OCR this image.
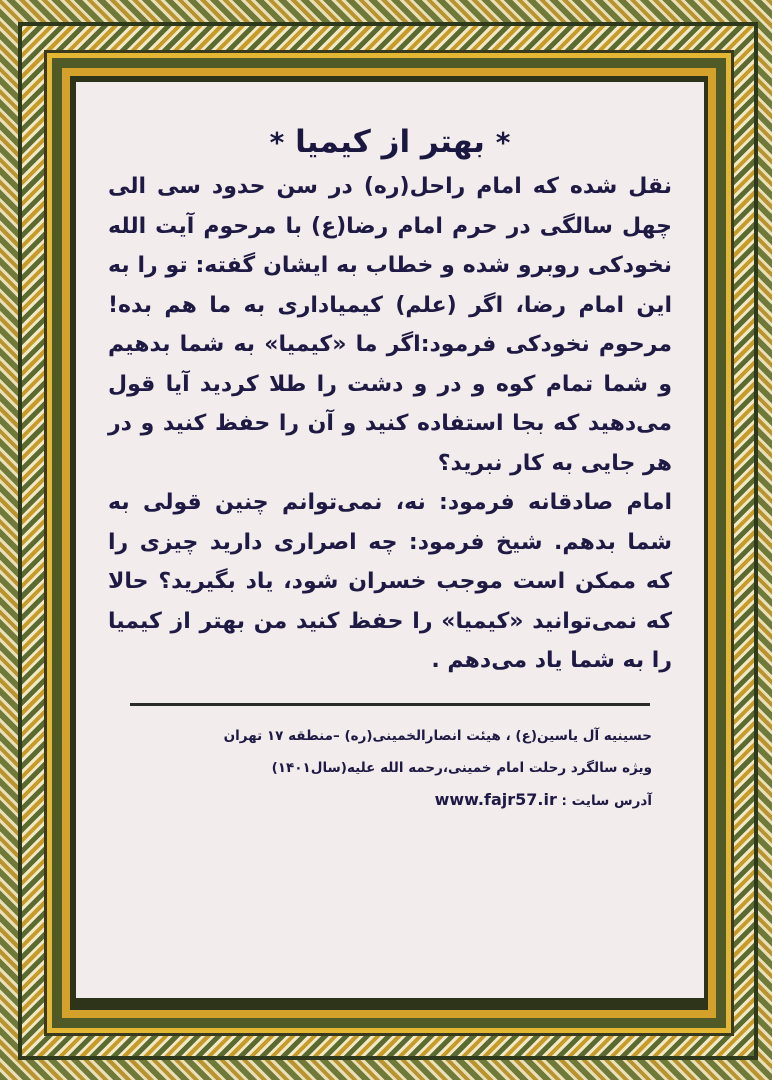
* بهتر از کیمیا *

نقل شده که امام راحل(ره) در سن حدود سی الی چهل سالگی در حرم امام رضا(ع) با مرحوم آیت الله نخودکی روبرو شده و خطاب به ایشان گفته: تو را به این امام رضا، اگر (علم) کیمیاداری به ما هم بده! مرحوم نخودکی فرمود:اگر ما «کیمیا» به شما بدهیم و شما تمام کوه و در و دشت را طلا کردید آیا قول می‌دهید که بجا استفاده کنید و آن را حفظ کنید و در هر جایی به کار نبرید؟

امام صادقانه فرمود: نه، نمی‌توانم چنین قولی به شما بدهم. شیخ فرمود: چه اصراری دارید چیزی را که ممکن است موجب خسران شود، یاد بگیرید؟ حالا که نمی‌توانید «کیمیا» را حفظ کنید من بهتر از کیمیا را به شما یاد می‌دهم .

حسینیه آل یاسین(ع) ، هیئت انصارالخمینی(ره) –منطقه ۱۷ تهران
ویژه سالگرد رحلت امام خمینی،رحمه الله علیه(سال۱۴۰۱)
آدرس سایت : www.fajr57.ir
